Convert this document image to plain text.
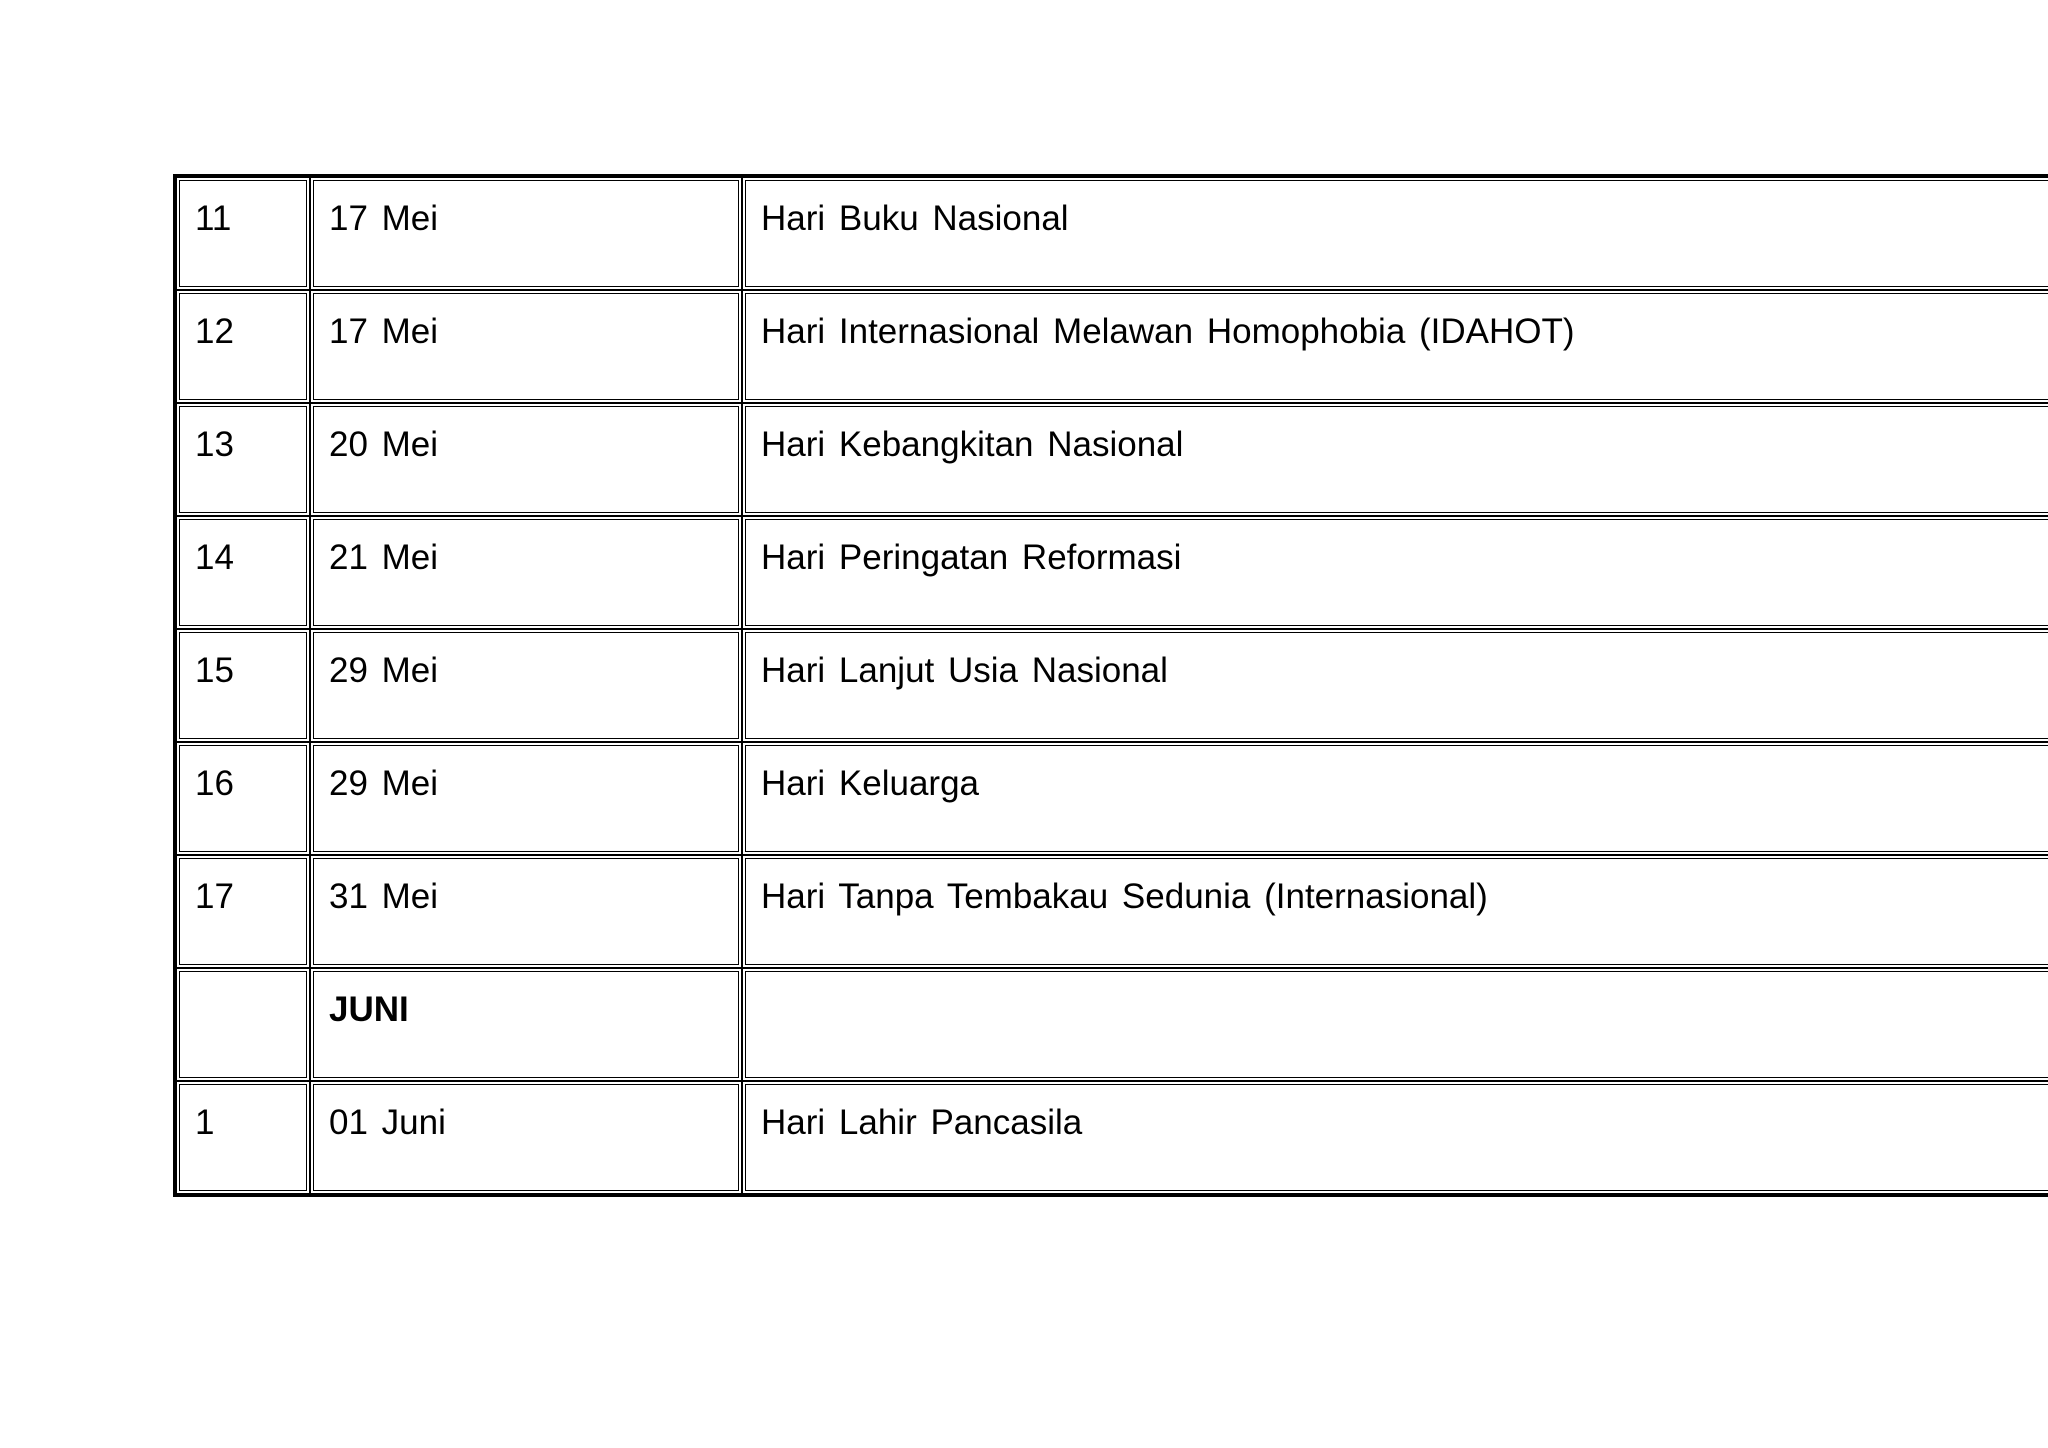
11	17 Mei	Hari Buku Nasional
12	17 Mei	Hari Internasional Melawan Homophobia (IDAHOT)
13	20 Mei	Hari Kebangkitan Nasional
14	21 Mei	Hari Peringatan Reformasi
15	29 Mei	Hari Lanjut Usia Nasional
16	29 Mei	Hari Keluarga
17	31 Mei	Hari Tanpa Tembakau Sedunia (Internasional)
	JUNI	
1	01 Juni	Hari Lahir Pancasila
